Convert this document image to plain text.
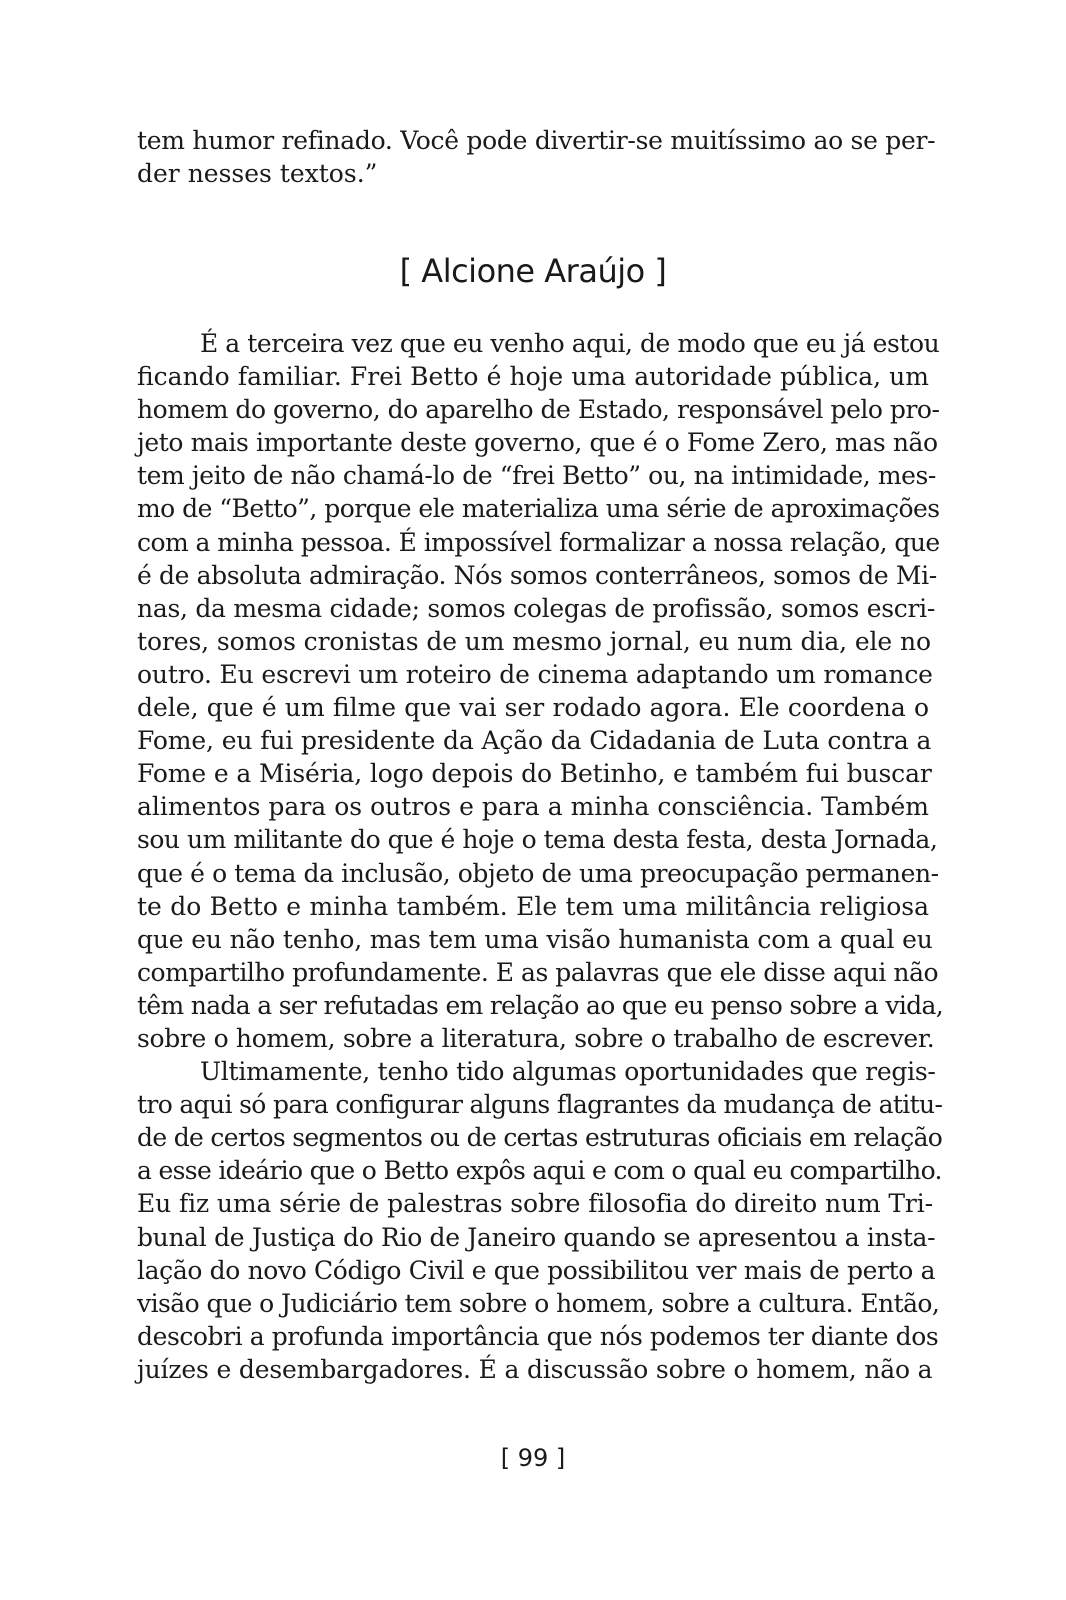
tem humor refinado. Você pode divertir-se muitíssimo ao se per-
der nesses textos.”

[ Alcione Araújo ]

É a terceira vez que eu venho aqui, de modo que eu já estou
ficando familiar. Frei Betto é hoje uma autoridade pública, um
homem do governo, do aparelho de Estado, responsável pelo pro-
jeto mais importante deste governo, que é o Fome Zero, mas não
tem jeito de não chamá-lo de “frei Betto” ou, na intimidade, mes-
mo de “Betto”, porque ele materializa uma série de aproximações
com a minha pessoa. É impossível formalizar a nossa relação, que
é de absoluta admiração. Nós somos conterrâneos, somos de Mi-
nas, da mesma cidade; somos colegas de profissão, somos escri-
tores, somos cronistas de um mesmo jornal, eu num dia, ele no
outro. Eu escrevi um roteiro de cinema adaptando um romance
dele, que é um filme que vai ser rodado agora. Ele coordena o
Fome, eu fui presidente da Ação da Cidadania de Luta contra a
Fome e a Miséria, logo depois do Betinho, e também fui buscar
alimentos para os outros e para a minha consciência. Também
sou um militante do que é hoje o tema desta festa, desta Jornada,
que é o tema da inclusão, objeto de uma preocupação permanen-
te do Betto e minha também. Ele tem uma militância religiosa
que eu não tenho, mas tem uma visão humanista com a qual eu
compartilho profundamente. E as palavras que ele disse aqui não
têm nada a ser refutadas em relação ao que eu penso sobre a vida,
sobre o homem, sobre a literatura, sobre o trabalho de escrever.

Ultimamente, tenho tido algumas oportunidades que regis-
tro aqui só para configurar alguns flagrantes da mudança de atitu-
de de certos segmentos ou de certas estruturas oficiais em relação
a esse ideário que o Betto expôs aqui e com o qual eu compartilho.
Eu fiz uma série de palestras sobre filosofia do direito num Tri-
bunal de Justiça do Rio de Janeiro quando se apresentou a insta-
lação do novo Código Civil e que possibilitou ver mais de perto a
visão que o Judiciário tem sobre o homem, sobre a cultura. Então,
descobri a profunda importância que nós podemos ter diante dos
juízes e desembargadores. É a discussão sobre o homem, não a

[ 99 ]
